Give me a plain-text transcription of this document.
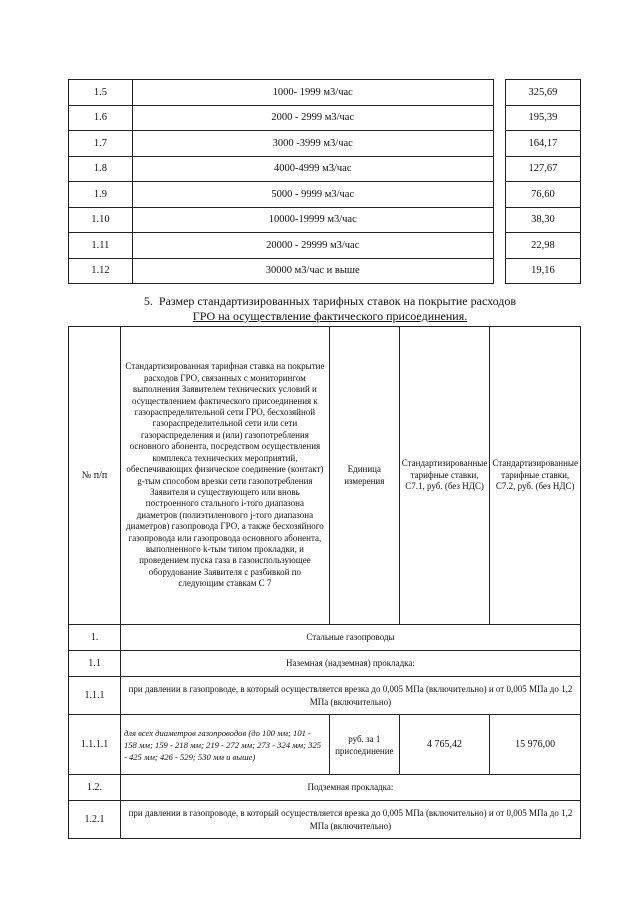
1.5	1000- 1999 м3/час		325,69
1.6	2000 - 2999 м3/час		195,39
1.7	3000 -3999 м3/час		164,17
1.8	4000-4999 м3/час		127,67
1.9	5000 - 9999 м3/час		76,60
1.10	10000-19999 м3/час		38,30
1.11	20000 - 29999 м3/час		22,98
1.12	30000 м3/час и выше		19,16
5. Размер стандартизированных тарифных ставок на покрытие расходов
ГРО на осуществление фактического присоединения.
№ п/п	Стандартизированная тарифная ставка на покрытие расходов ГРО, связанных с мониторингом выполнения Заявителем технических условий и осуществлением фактического присоединения к газораспределительной сети ГРО, бесхозяйной газораспределительной сети или сети газораспределения и (или) газопотребления основного абонента, посредством осуществления комплекса технических мероприятий, обеспечивающих физическое соединение (контакт) g-тым способом врезки сети газопотребления Заявителя и существующего или вновь построенного стального i-того диапазона диаметров (полиэтиленового j-того диапазона диаметров) газопровода ГРО, а также бесхозяйного газопровода или газопровода основного абонента, выполненного k-тым типом прокладки, и проведением пуска газа в газоиспользующее оборудование Заявителя с разбивкой по следующим ставкам С 7	Единица измерения	Стандартизированные тарифные ставки, С7.1, руб. (без НДС)	Стандартизированные тарифные ставки, С7.2, руб. (без НДС)
1.	Стальные газопроводы			
1.1	Наземная (надземная) прокладка:			
1.1.1	при давлении в газопроводе, в который осуществляется врезка до 0,005 МПа (включительно) и от 0,005 МПа до 1,2 МПа (включительно)			
1.1.1.1	для всех диаметров газопроводов (до 100 мм; 101 - 158 мм; 159 - 218 мм; 219 - 272 мм; 273 - 324 мм; 325 - 425 мм; 426 - 529; 530 мм и выше)	руб. за 1 присоединение	4 765,42	15 976,00
1.2.	Подземная прокладка:			
1.2.1	при давлении в газопроводе, в который осуществляется врезка до 0,005 МПа (включительно) и от 0,005 МПа до 1,2 МПа (включительно)			
